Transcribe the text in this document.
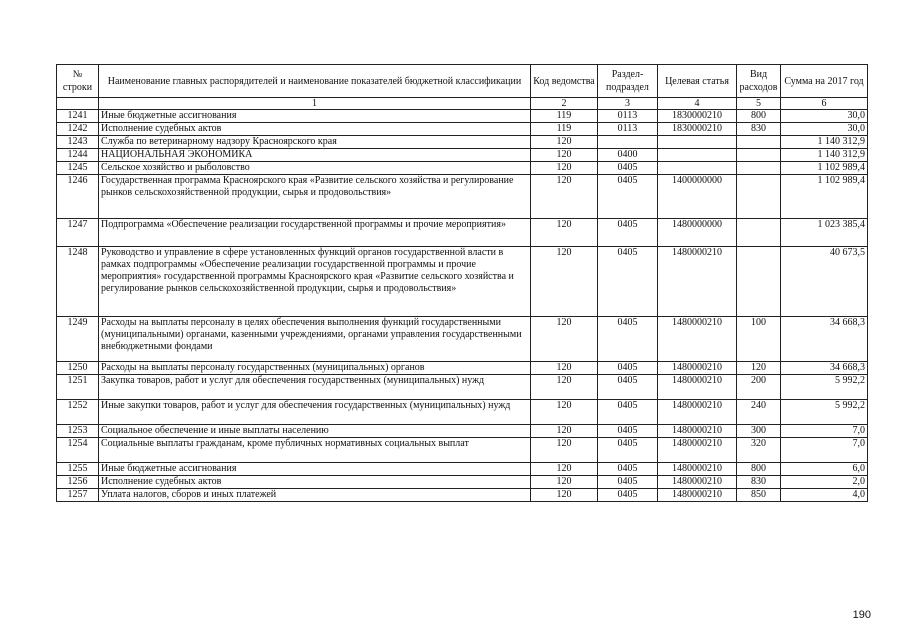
№ строки	Наименование главных распорядителей и наименование показателей бюджетной классификации	Код ведомства	Раздел-подраздел	Целевая статья	Вид расходов	Сумма на 2017 год
	1	2	3	4	5	6
1241	Иные бюджетные ассигнования	119	0113	1830000210	800	30,0
1242	Исполнение судебных актов	119	0113	1830000210	830	30,0
1243	Служба по ветеринарному надзору Красноярского края	120				1 140 312,9
1244	НАЦИОНАЛЬНАЯ ЭКОНОМИКА	120	0400			1 140 312,9
1245	Сельское хозяйство и рыболовство	120	0405			1 102 989,4
1246	Государственная программа Красноярского края «Развитие сельского хозяйства и регулирование рынков сельскохозяйственной продукции, сырья и продовольствия»	120	0405	1400000000		1 102 989,4
1247	Подпрограмма «Обеспечение реализации государственной программы и прочие мероприятия»	120	0405	1480000000		1 023 385,4
1248	Руководство и управление в сфере установленных функций органов государственной власти в рамках подпрограммы «Обеспечение реализации государственной программы и прочие мероприятия» государственной программы Красноярского края «Развитие сельского хозяйства и регулирование рынков сельскохозяйственной продукции, сырья и продовольствия»	120	0405	1480000210		40 673,5
1249	Расходы на выплаты персоналу в целях обеспечения выполнения функций государственными (муниципальными) органами, казенными учреждениями, органами управления государственными внебюджетными фондами	120	0405	1480000210	100	34 668,3
1250	Расходы на выплаты персоналу государственных (муниципальных) органов	120	0405	1480000210	120	34 668,3
1251	Закупка товаров, работ и услуг для обеспечения государственных (муниципальных) нужд	120	0405	1480000210	200	5 992,2
1252	Иные закупки товаров, работ и услуг для обеспечения государственных (муниципальных) нужд	120	0405	1480000210	240	5 992,2
1253	Социальное обеспечение и иные выплаты населению	120	0405	1480000210	300	7,0
1254	Социальные выплаты гражданам, кроме публичных нормативных социальных выплат	120	0405	1480000210	320	7,0
1255	Иные бюджетные ассигнования	120	0405	1480000210	800	6,0
1256	Исполнение судебных актов	120	0405	1480000210	830	2,0
1257	Уплата налогов, сборов и иных платежей	120	0405	1480000210	850	4,0
190
